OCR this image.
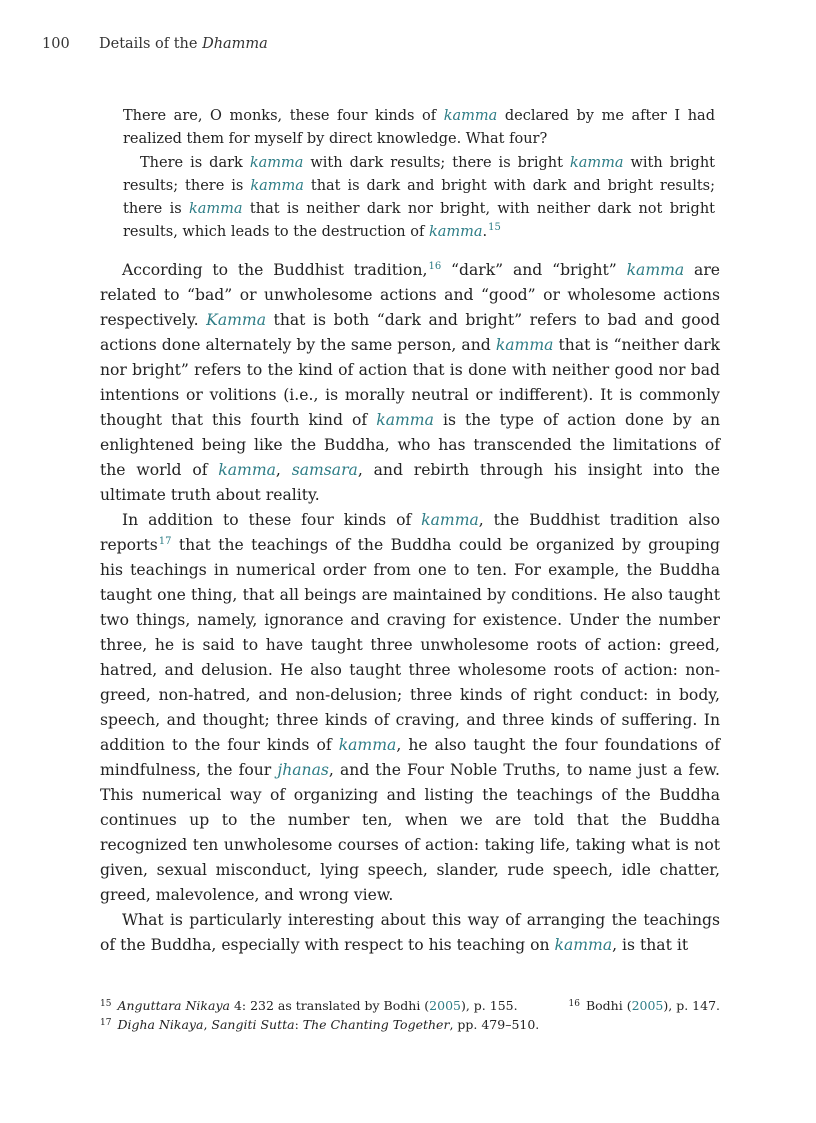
100 Details of the Dhamma

There are, O monks, these four kinds of kamma declared by me after I had realized them for myself by direct knowledge. What four?

There is dark kamma with dark results; there is bright kamma with bright results; there is kamma that is dark and bright with dark and bright results; there is kamma that is neither dark nor bright, with neither dark not bright results, which leads to the destruction of kamma.$^{15}$

According to the Buddhist tradition,$^{16}$ “dark” and “bright” kamma are related to “bad” or unwholesome actions and “good” or wholesome actions respectively. Kamma that is both “dark and bright” refers to bad and good actions done alternately by the same person, and kamma that is “neither dark nor bright” refers to the kind of action that is done with neither good nor bad intentions or volitions (i.e., is morally neutral or indifferent). It is commonly thought that this fourth kind of kamma is the type of action done by an enlightened being like the Buddha, who has transcended the limitations of the world of kamma, samsara, and rebirth through his insight into the ultimate truth about reality.

In addition to these four kinds of kamma, the Buddhist tradition also reports$^{17}$ that the teachings of the Buddha could be organized by grouping his teachings in numerical order from one to ten. For example, the Buddha taught one thing, that all beings are maintained by conditions. He also taught two things, namely, ignorance and craving for existence. Under the number three, he is said to have taught three unwholesome roots of action: greed, hatred, and delusion. He also taught three wholesome roots of action: non-greed, non-hatred, and non-delusion; three kinds of right conduct: in body, speech, and thought; three kinds of craving, and three kinds of suffering. In addition to the four kinds of kamma, he also taught the four foundations of mindfulness, the four jhanas, and the Four Noble Truths, to name just a few. This numerical way of organizing and listing the teachings of the Buddha continues up to the number ten, when we are told that the Buddha recognized ten unwholesome courses of action: taking life, taking what is not given, sexual misconduct, lying speech, slander, rude speech, idle chatter, greed, malevolence, and wrong view.

What is particularly interesting about this way of arranging the teachings of the Buddha, especially with respect to his teaching on kamma, is that it

$^{15}$ Anguttara Nikaya 4: 232 as translated by Bodhi (2005), p. 155.	$^{16}$ Bodhi (2005), p. 147.
$^{17}$ Digha Nikaya, Sangiti Sutta: The Chanting Together, pp. 479–510.
